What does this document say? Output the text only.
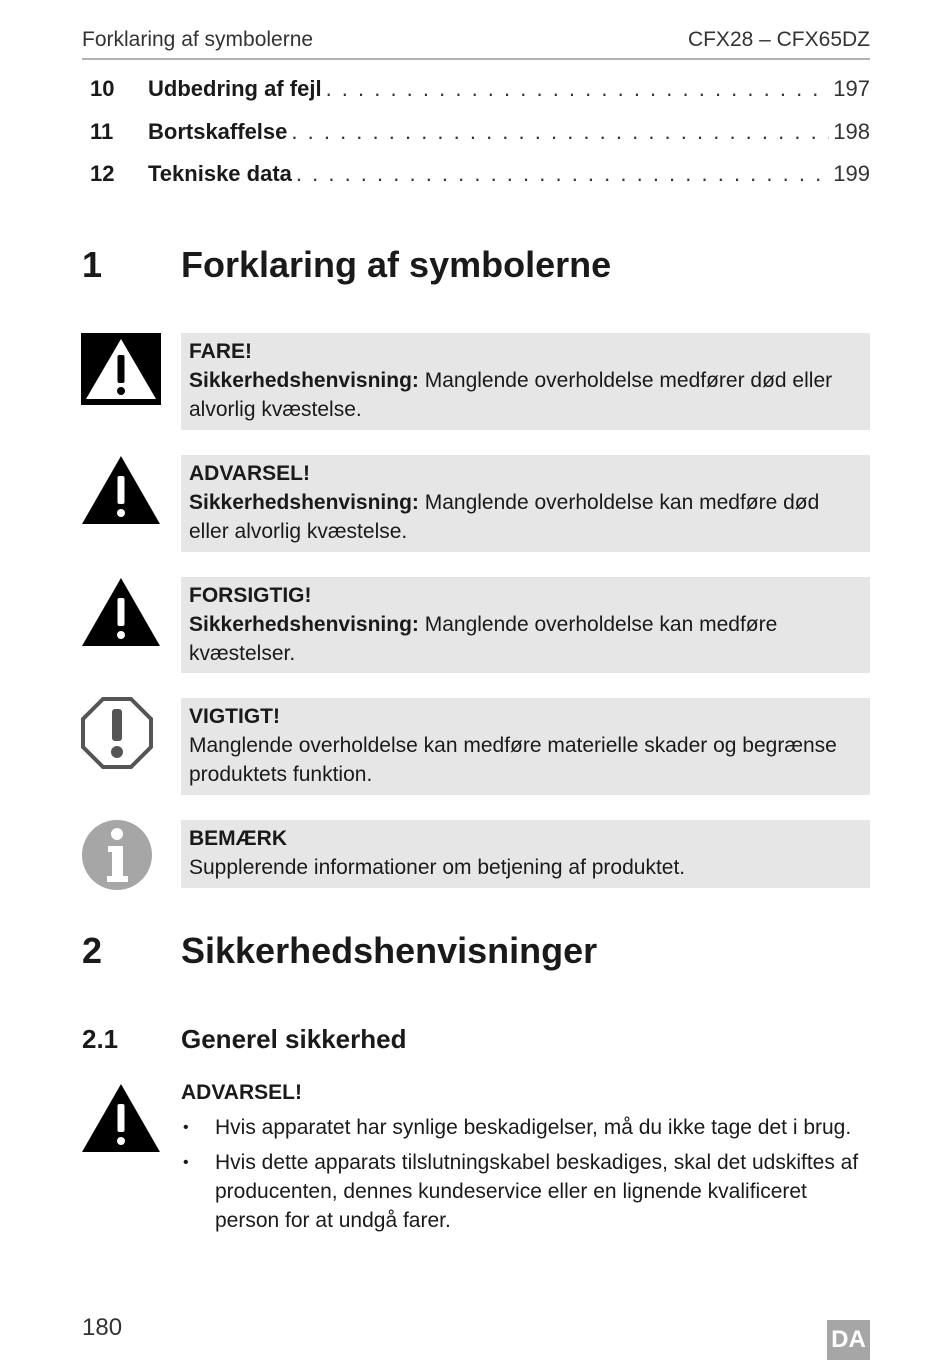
Forklaring af symbolerne	CFX28 – CFX65DZ
10	Udbedring af fejl . . .	197
11	Bortskaffelse . . .	198
12	Tekniske data . . .	199
1	Forklaring af symbolerne
FARE!
Sikkerhedshenvisning: Manglende overholdelse medfører død eller alvorlig kvæstelse.
ADVARSEL!
Sikkerhedshenvisning: Manglende overholdelse kan medføre død eller alvorlig kvæstelse.
FORSIGTIG!
Sikkerhedshenvisning: Manglende overholdelse kan medføre kvæstelser.
VIGTIGT!
Manglende overholdelse kan medføre materielle skader og begrænse produktets funktion.
BEMÆRK
Supplerende informationer om betjening af produktet.
2	Sikkerhedshenvisninger
2.1	Generel sikkerhed
ADVARSEL!
• Hvis apparatet har synlige beskadigelser, må du ikke tage det i brug.
• Hvis dette apparats tilslutningskabel beskadiges, skal det udskiftes af producenten, dennes kundeservice eller en lignende kvalificeret person for at undgå farer.
180	DA
